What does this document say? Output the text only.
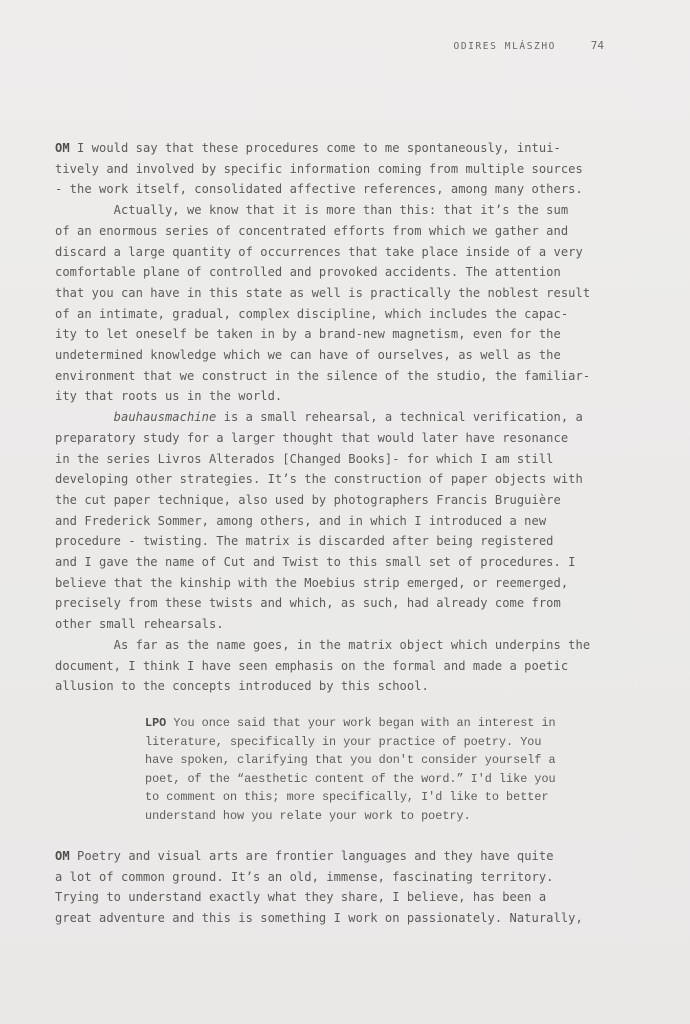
ODIRES MLÁSZHO	74
OM I would say that these procedures come to me spontaneously, intui-
tively and involved by specific information coming from multiple sources
- the work itself, consolidated affective references, among many others.
Actually, we know that it is more than this: that it’s the sum
of an enormous series of concentrated efforts from which we gather and
discard a large quantity of occurrences that take place inside of a very
comfortable plane of controlled and provoked accidents. The attention
that you can have in this state as well is practically the noblest result
of an intimate, gradual, complex discipline, which includes the capac-
ity to let oneself be taken in by a brand-new magnetism, even for the
undetermined knowledge which we can have of ourselves, as well as the
environment that we construct in the silence of the studio, the familiar-
ity that roots us in the world.
bauhausmachine is a small rehearsal, a technical verification, a
preparatory study for a larger thought that would later have resonance
in the series Livros Alterados [Changed Books]- for which I am still
developing other strategies. It’s the construction of paper objects with
the cut paper technique, also used by photographers Francis Bruguière
and Frederick Sommer, among others, and in which I introduced a new
procedure - twisting. The matrix is discarded after being registered
and I gave the name of Cut and Twist to this small set of procedures. I
believe that the kinship with the Moebius strip emerged, or reemerged,
precisely from these twists and which, as such, had already come from
other small rehearsals.
As far as the name goes, in the matrix object which underpins the
document, I think I have seen emphasis on the formal and made a poetic
allusion to the concepts introduced by this school.
LPO You once said that your work began with an interest in
literature, specifically in your practice of poetry. You
have spoken, clarifying that you don't consider yourself a
poet, of the “aesthetic content of the word.” I'd like you
to comment on this; more specifically, I'd like to better
understand how you relate your work to poetry.
OM Poetry and visual arts are frontier languages and they have quite
a lot of common ground. It’s an old, immense, fascinating territory.
Trying to understand exactly what they share, I believe, has been a
great adventure and this is something I work on passionately. Naturally,
